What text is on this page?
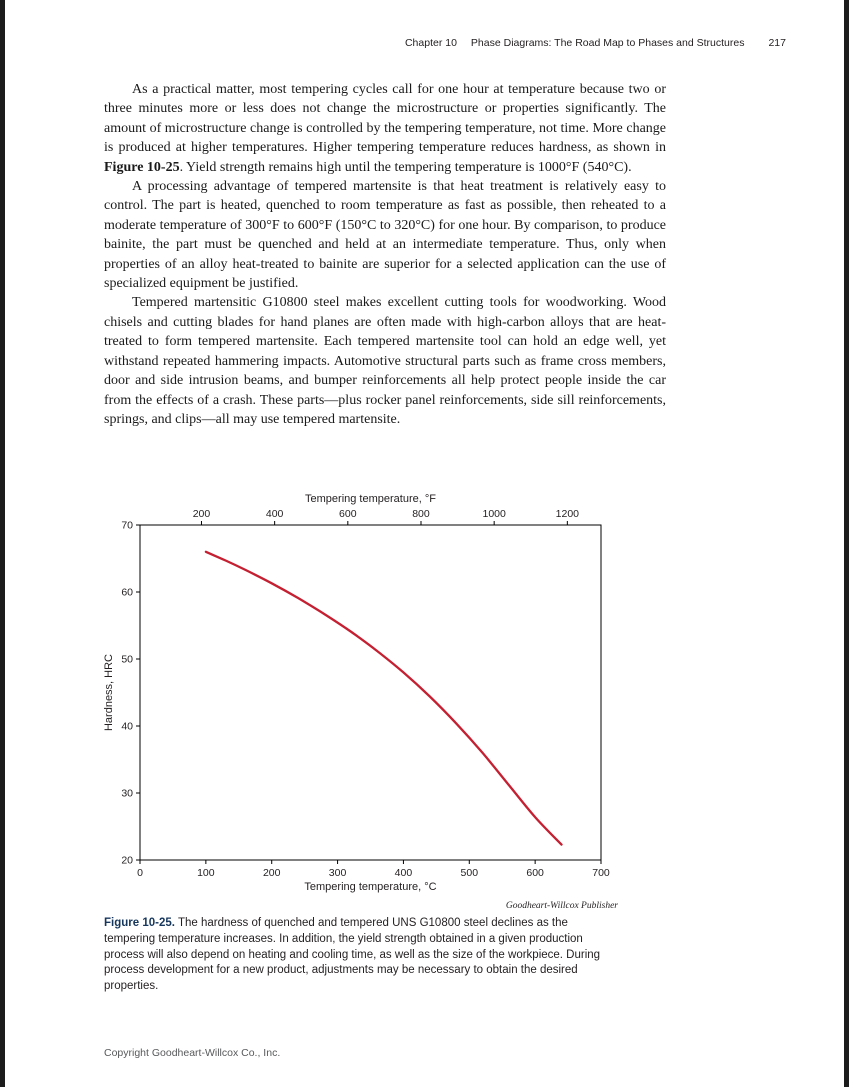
Chapter 10 Phase Diagrams: The Road Map to Phases and Structures 217

As a practical matter, most tempering cycles call for one hour at temperature because two or three minutes more or less does not change the microstructure or properties significantly. The amount of microstructure change is controlled by the tempering temperature, not time. More change is produced at higher temperatures. Higher tempering temperature reduces hardness, as shown in Figure 10-25. Yield strength remains high until the tempering temperature is 1000°F (540°C).

A processing advantage of tempered martensite is that heat treatment is relatively easy to control. The part is heated, quenched to room temperature as fast as possible, then reheated to a moderate temperature of 300°F to 600°F (150°C to 320°C) for one hour. By comparison, to produce bainite, the part must be quenched and held at an intermediate temperature. Thus, only when properties of an alloy heat-treated to bainite are superior for a selected application can the use of specialized equipment be justified.

Tempered martensitic G10800 steel makes excellent cutting tools for woodworking. Wood chisels and cutting blades for hand planes are often made with high-carbon alloys that are heat-treated to form tempered martensite. Each tempered martensite tool can hold an edge well, yet withstand repeated hammering impacts. Automotive structural parts such as frame cross members, door and side intrusion beams, and bumper reinforcements all help protect people inside the car from the effects of a crash. These parts—plus rocker panel reinforcements, side sill reinforcements, springs, and clips—all may use tempered martensite.

0	100	200	300	400	500	600	700
200	400	600	800	1000	1200
20
30
40
50
60
70
Tempering temperature, °F
Tempering temperature, °C
Hardness, HRC
Goodheart-Willcox Publisher
Figure 10-25. The hardness of quenched and tempered UNS G10800 steel declines as the tempering temperature increases. In addition, the yield strength obtained in a given production process will also depend on heating and cooling time, as well as the size of the workpiece. During process development for a new product, adjustments may be necessary to obtain the desired properties.
Copyright Goodheart-Willcox Co., Inc.
